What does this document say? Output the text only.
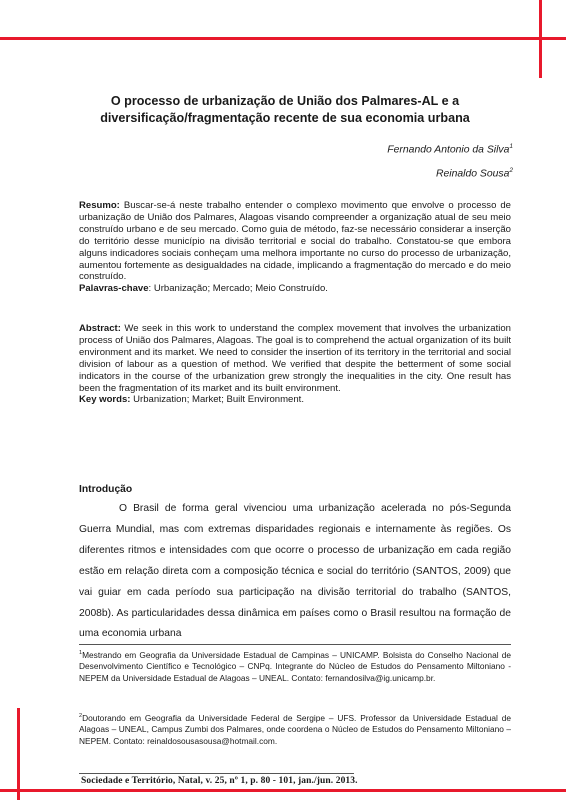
O processo de urbanização de União dos Palmares-AL e a
diversificação/fragmentação recente de sua economia urbana
Fernando Antonio da Silva$^1$
Reinaldo Sousa$^2$
Resumo: Buscar-se-á neste trabalho entender o complexo movimento que envolve o processo de urbanização de União dos Palmares, Alagoas visando compreender a organização atual de seu meio construído urbano e de seu mercado. Como guia de método, faz-se necessário considerar a inserção do território desse município na divisão territorial e social do trabalho. Constatou-se que embora alguns indicadores sociais conheçam uma melhora importante no curso do processo de urbanização, aumentou fortemente as desigualdades na cidade, implicando a fragmentação do mercado e do meio construído.
Palavras-chave: Urbanização; Mercado; Meio Construído.
Abstract: We seek in this work to understand the complex movement that involves the urbanization process of União dos Palmares, Alagoas. The goal is to comprehend the actual organization of its built environment and its market. We need to consider the insertion of its territory in the territorial and social division of labour as a question of method. We verified that despite the betterment of some social indicators in the course of the urbanization grew strongly the inequalities in the city. One result has been the fragmentation of its market and its built environment.
Key words: Urbanization; Market; Built Environment.
Introdução
O Brasil de forma geral vivenciou uma urbanização acelerada no pós-Segunda Guerra Mundial, mas com extremas disparidades regionais e internamente às regiões. Os diferentes ritmos e intensidades com que ocorre o processo de urbanização em cada região estão em relação direta com a composição técnica e social do território (SANTOS, 2009) que vai guiar em cada período sua participação na divisão territorial do trabalho (SANTOS, 2008b). As particularidades dessa dinâmica em países como o Brasil resultou na formação de uma economia urbana
$^1$Mestrando em Geografia da Universidade Estadual de Campinas – UNICAMP. Bolsista do Conselho Nacional de Desenvolvimento Científico e Tecnológico – CNPq. Integrante do Núcleo de Estudos do Pensamento Miltoniano - NEPEM da Universidade Estadual de Alagoas – UNEAL. Contato: fernandosilva@ig.unicamp.br.
$^2$Doutorando em Geografia da Universidade Federal de Sergipe – UFS. Professor da Universidade Estadual de Alagoas – UNEAL, Campus Zumbi dos Palmares, onde coordena o Núcleo de Estudos do Pensamento Miltoniano – NEPEM. Contato: reinaldosousasousa@hotmail.com.
Sociedade e Território, Natal, v. 25, nº 1, p. 80 - 101, jan./jun. 2013.
